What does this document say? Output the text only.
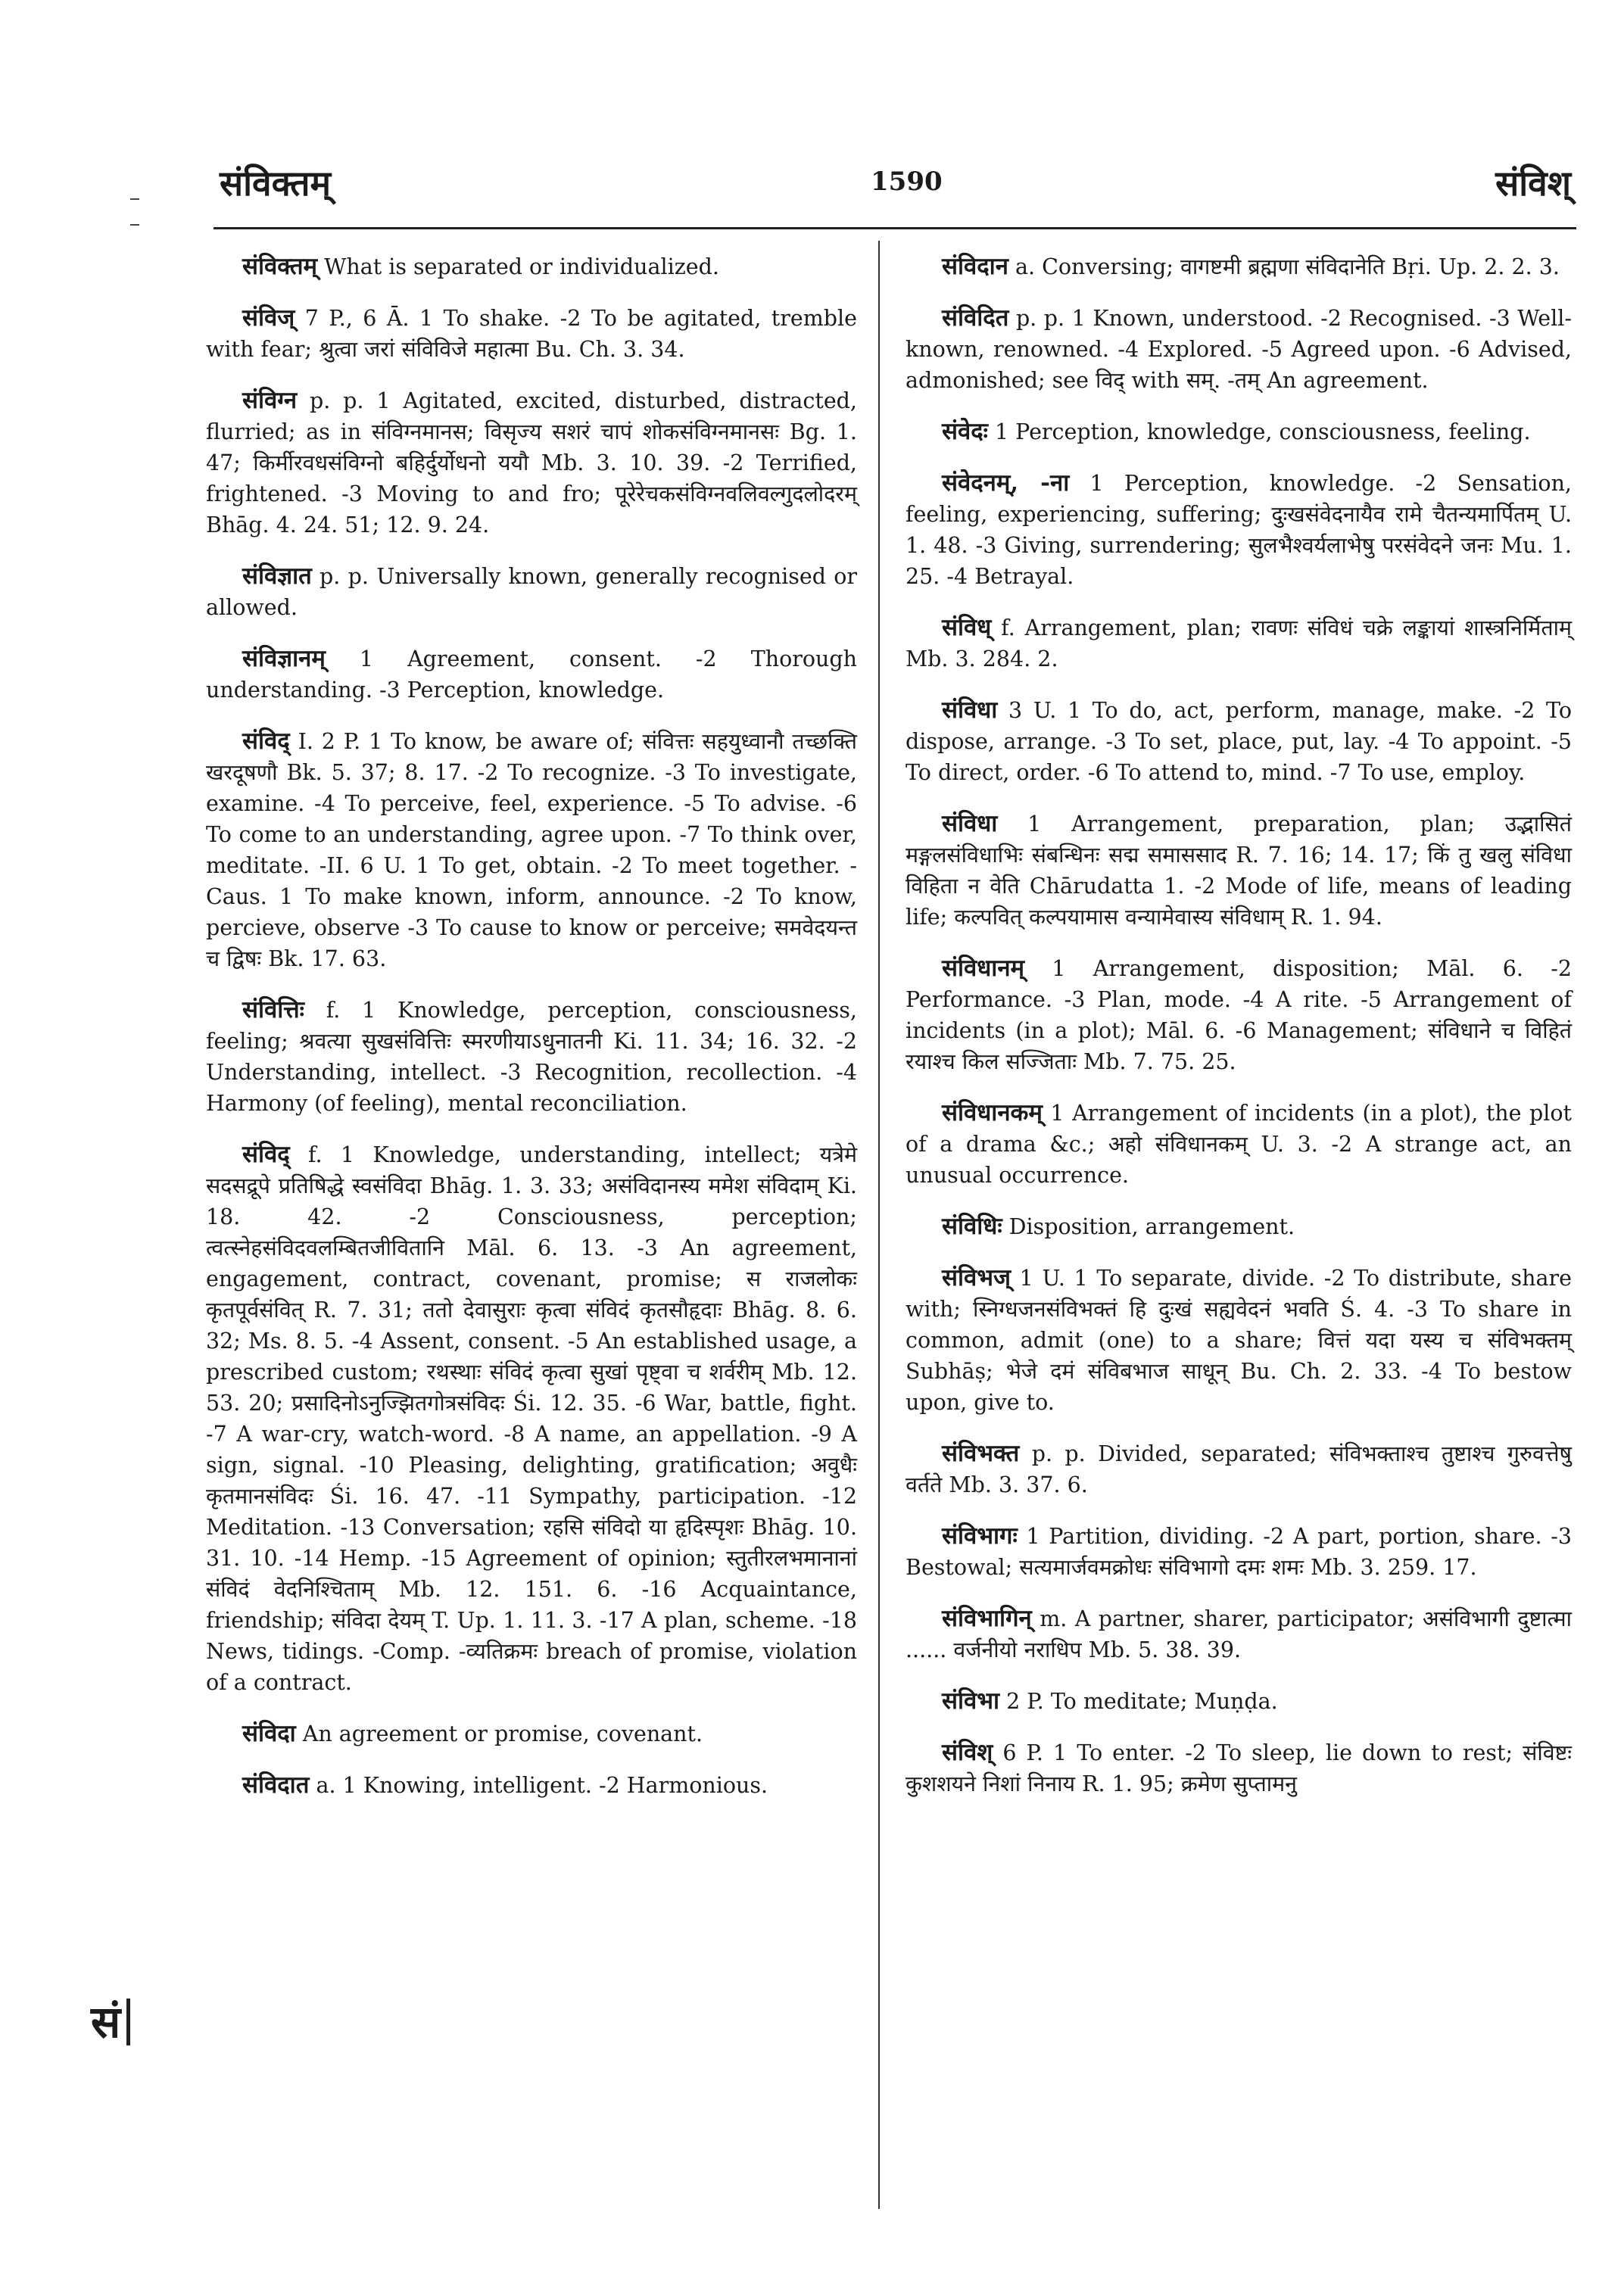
संविक्तम्	1590	संविश्

संविक्तम् What is separated or individualized.

संविज् 7 P., 6 Ā. 1 To shake. -2 To be agitated, tremble with fear; श्रुत्वा जरां संविविजे महात्मा Bu. Ch. 3. 34.

संविग्न p. p. 1 Agitated, excited, disturbed, distracted, flurried; as in संविग्नमानस; विसृज्य सशरं चापं शोकसंविग्नमानसः Bg. 1. 47; किर्मीरवधसंविग्नो बहिर्दुर्योधनो ययौ Mb. 3. 10. 39. -2 Terrified, frightened. -3 Moving to and fro; पूरेरेचकसंविग्नवलिवल्गुदलोदरम् Bhāg. 4. 24. 51; 12. 9. 24.

संविज्ञात p. p. Universally known, generally recognised or allowed.

संविज्ञानम् 1 Agreement, consent. -2 Thorough understanding. -3 Perception, knowledge.

संविद् I. 2 P. 1 To know, be aware of; संवित्तः सहयुध्वानौ तच्छक्ति खरदूषणौ Bk. 5. 37; 8. 17. -2 To recognize. -3 To investigate, examine. -4 To perceive, feel, experience. -5 To advise. -6 To come to an understanding, agree upon. -7 To think over, meditate. -II. 6 U. 1 To get, obtain. -2 To meet together. -Caus. 1 To make known, inform, announce. -2 To know, percieve, observe -3 To cause to know or perceive; समवेदयन्त च द्विषः Bk. 17. 63.

संवित्तिः f. 1 Knowledge, perception, consciousness, feeling; श्रवत्या सुखसंवित्तिः स्मरणीयाऽधुनातनी Ki. 11. 34; 16. 32. -2 Understanding, intellect. -3 Recognition, recollection. -4 Harmony (of feeling), mental reconciliation.

संविद् f. 1 Knowledge, understanding, intellect; यत्रेमे सदसद्रूपे प्रतिषिद्धे स्वसंविदा Bhāg. 1. 3. 33; असंविदानस्य ममेश संविदाम् Ki. 18. 42. -2 Consciousness, perception; त्वत्स्नेहसंविदवलम्बितजीवितानि Māl. 6. 13. -3 An agreement, engagement, contract, covenant, promise; स राजलोकः कृतपूर्वसंवित् R. 7. 31; ततो देवासुराः कृत्वा संविदं कृतसौहृदाः Bhāg. 8. 6. 32; Ms. 8. 5. -4 Assent, consent. -5 An established usage, a prescribed custom; रथस्थाः संविदं कृत्वा सुखां पृष्ट्वा च शर्वरीम् Mb. 12. 53. 20; प्रसादिनोऽनुज्झितगोत्रसंविदः Śi. 12. 35. -6 War, battle, fight. -7 A war-cry, watch-word. -8 A name, an appellation. -9 A sign, signal. -10 Pleasing, delighting, gratification; अवुधैः कृतमानसंविदः Śi. 16. 47. -11 Sympathy, participation. -12 Meditation. -13 Conversation; रहसि संविदो या हृदिस्पृशः Bhāg. 10. 31. 10. -14 Hemp. -15 Agreement of opinion; स्तुतीरलभमानानां संविदं वेदनिश्चिताम् Mb. 12. 151. 6. -16 Acquaintance, friendship; संविदा देयम् T. Up. 1. 11. 3. -17 A plan, scheme. -18 News, tidings. -Comp. -व्यतिक्रमः breach of promise, violation of a contract.

संविदा An agreement or promise, covenant.

संविदात a. 1 Knowing, intelligent. -2 Harmonious.

संविदान a. Conversing; वागष्टमी ब्रह्मणा संविदानेति Bṛi. Up. 2. 2. 3.

संविदित p. p. 1 Known, understood. -2 Recognised. -3 Well-known, renowned. -4 Explored. -5 Agreed upon. -6 Advised, admonished; see विद् with सम्. -तम् An agreement.

संवेदः 1 Perception, knowledge, consciousness, feeling.

संवेदनम्, -ना 1 Perception, knowledge. -2 Sensation, feeling, experiencing, suffering; दुःखसंवेदनायैव रामे चैतन्यमार्पितम् U. 1. 48. -3 Giving, surrendering; सुलभैश्वर्यलाभेषु परसंवेदने जनः Mu. 1. 25. -4 Betrayal.

संविध् f. Arrangement, plan; रावणः संविधं चक्रे लङ्कायां शास्त्रनिर्मिताम् Mb. 3. 284. 2.

संविधा 3 U. 1 To do, act, perform, manage, make. -2 To dispose, arrange. -3 To set, place, put, lay. -4 To appoint. -5 To direct, order. -6 To attend to, mind. -7 To use, employ.

संविधा 1 Arrangement, preparation, plan; उद्भासितं मङ्गलसंविधाभिः संबन्धिनः सद्म समाससाद R. 7. 16; 14. 17; किं तु खलु संविधा विहिता न वेति Chārudatta 1. -2 Mode of life, means of leading life; कल्पवित् कल्पयामास वन्यामेवास्य संविधाम् R. 1. 94.

संविधानम् 1 Arrangement, disposition; Māl. 6. -2 Performance. -3 Plan, mode. -4 A rite. -5 Arrangement of incidents (in a plot); Māl. 6. -6 Management; संविधाने च विहितं रयाश्च किल सज्जिताः Mb. 7. 75. 25.

संविधानकम् 1 Arrangement of incidents (in a plot), the plot of a drama &c.; अहो संविधानकम् U. 3. -2 A strange act, an unusual occurrence.

संविधिः Disposition, arrangement.

संविभज् 1 U. 1 To separate, divide. -2 To distribute, share with; स्निग्धजनसंविभक्तं हि दुःखं सह्यवेदनं भवति Ś. 4. -3 To share in common, admit (one) to a share; वित्तं यदा यस्य च संविभक्तम् Subhāṣ; भेजे दमं संविबभाज साधून् Bu. Ch. 2. 33. -4 To bestow upon, give to.

संविभक्त p. p. Divided, separated; संविभक्ताश्च तुष्टाश्च गुरुवत्तेषु वर्तते Mb. 3. 37. 6.

संविभागः 1 Partition, dividing. -2 A part, portion, share. -3 Bestowal; सत्यमार्जवमक्रोधः संविभागो दमः शमः Mb. 3. 259. 17.

संविभागिन् m. A partner, sharer, participator; असंविभागी दुष्टात्मा ...... वर्जनीयो नराधिप Mb. 5. 38. 39.

संविभा 2 P. To meditate; Muṇḍa.

संविश् 6 P. 1 To enter. -2 To sleep, lie down to rest; संविष्टः कुशशयने निशां निनाय R. 1. 95; क्रमेण सुप्तामनु

सं
